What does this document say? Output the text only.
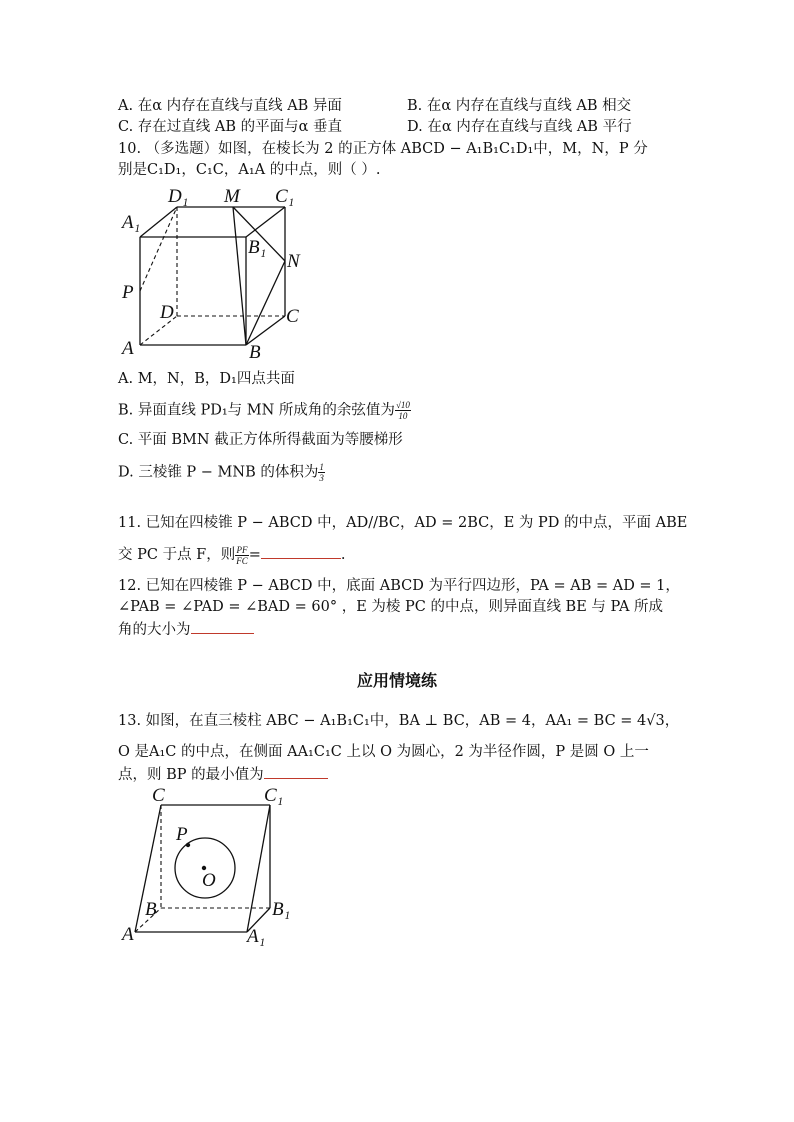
A. 在α 内存在直线与直线 AB 异面	B. 在α 内存在直线与直线 AB 相交
C. 存在过直线 AB 的平面与α 垂直	D. 在α 内存在直线与直线 AB 平行
10. （多选题）如图，在棱长为 2 的正方体 ABCD − A₁B₁C₁D₁中，M，N，P 分
别是C₁D₁，C₁C，A₁A 的中点，则（ ）.
A₁
D₁ M C₁
B₁
N
P
D	C
A	B
A. M，N，B，D₁四点共面
B. 异面直线 PD₁与 MN 所成角的余弦值为 $\frac{√10}{10}$
C. 平面 BMN 截正方体所得截面为等腰梯形
D. 三棱锥 P − MNB 的体积为 $\frac{1}{3}$
11. 已知在四棱锥 P − ABCD 中，AD//BC，AD = 2BC，E 为 PD 的中点，平面 ABE
交 PC 于点 F，则 $\frac{PF}{FC}$ =	.
12. 已知在四棱锥 P − ABCD 中，底面 ABCD 为平行四边形，PA = AB = AD = 1，
∠PAB = ∠PAD = ∠BAD = 60° ，E 为棱 PC 的中点，则异面直线 BE 与 PA 所成
角的大小为
应用情境练
13. 如图，在直三棱柱 ABC − A₁B₁C₁中，BA ⊥ BC，AB = 4，AA₁ = BC = 4√3，
O 是A₁C 的中点，在侧面 AA₁C₁C 上以 O 为圆心，2 为半径作圆，P 是圆 O 上一
点，则 BP 的最小值为
C	C₁
P
O
B	B₁
A	A₁
